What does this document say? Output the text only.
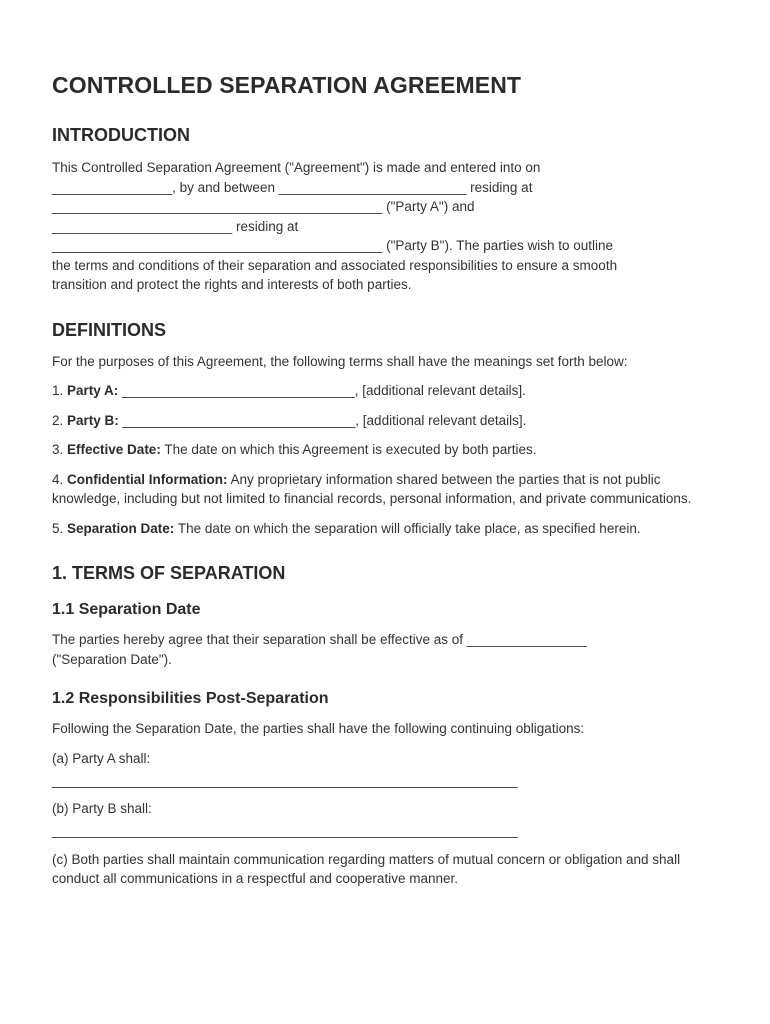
CONTROLLED SEPARATION AGREEMENT
INTRODUCTION

This Controlled Separation Agreement ("Agreement") is made and entered into on

________________, by and between _________________________ residing at

____________________________________________ ("Party A") and

________________________ residing at

____________________________________________ ("Party B"). The parties wish to outline

the terms and conditions of their separation and associated responsibilities to ensure a smooth

transition and protect the rights and interests of both parties.

DEFINITIONS

For the purposes of this Agreement, the following terms shall have the meanings set forth below:

1. Party A: _______________________________, [additional relevant details].

2. Party B: _______________________________, [additional relevant details].

3. Effective Date: The date on which this Agreement is executed by both parties.

4. Confidential Information: Any proprietary information shared between the parties that is not public knowledge, including but not limited to financial records, personal information, and private communications.

5. Separation Date: The date on which the separation will officially take place, as specified herein.

1. TERMS OF SEPARATION
1.1 Separation Date

The parties hereby agree that their separation shall be effective as of ________________

("Separation Date").

1.2 Responsibilities Post-Separation

Following the Separation Date, the parties shall have the following continuing obligations:

(a) Party A shall:

______________________________________________________________

(b) Party B shall:

______________________________________________________________

(c) Both parties shall maintain communication regarding matters of mutual concern or obligation and shall conduct all communications in a respectful and cooperative manner.
